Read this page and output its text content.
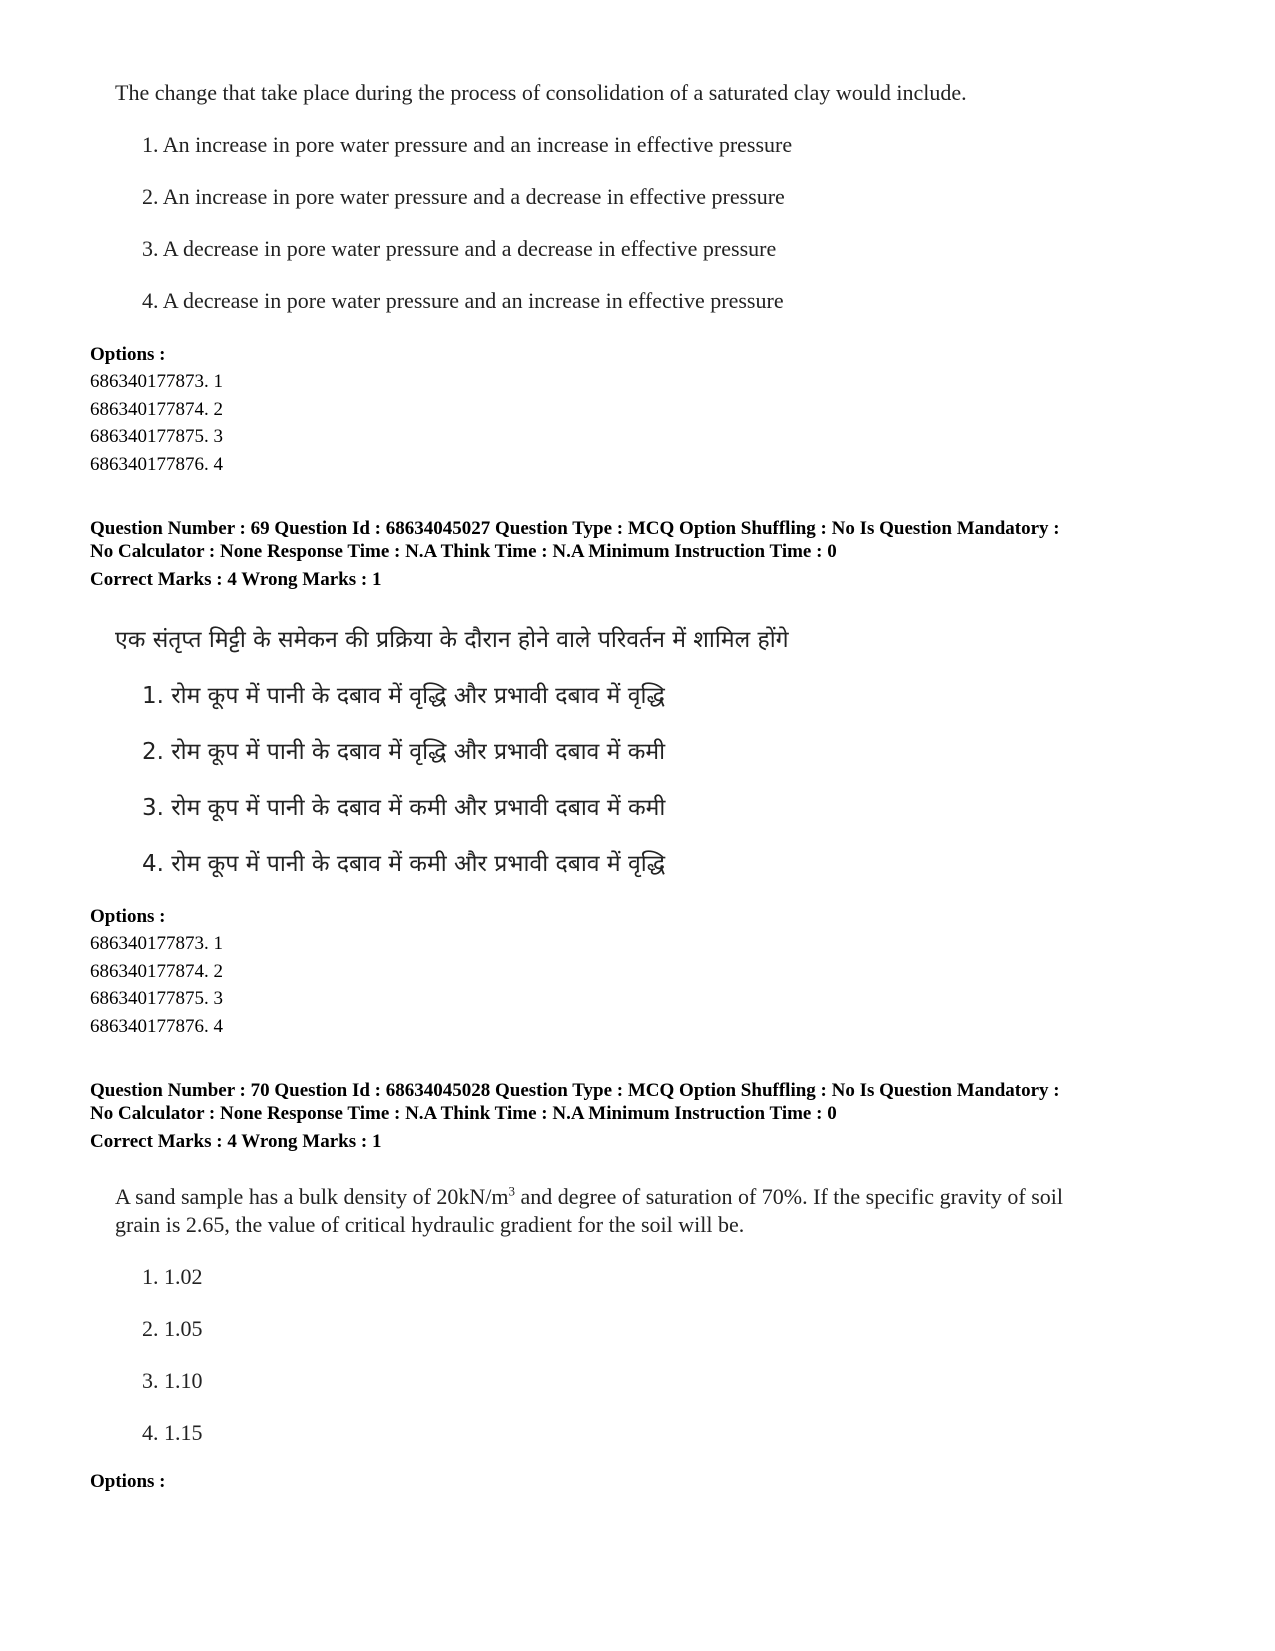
The change that take place during the process of consolidation of a saturated clay would include.
1. An increase in pore water pressure and an increase in effective pressure
2. An increase in pore water pressure and a decrease in effective pressure
3. A decrease in pore water pressure and a decrease in effective pressure
4. A decrease in pore water pressure and an increase in effective pressure
Options :
686340177873. 1
686340177874. 2
686340177875. 3
686340177876. 4
Question Number : 69 Question Id : 68634045027 Question Type : MCQ Option Shuffling : No Is Question Mandatory :
No Calculator : None Response Time : N.A Think Time : N.A Minimum Instruction Time : 0
Correct Marks : 4 Wrong Marks : 1
एक संतृप्त मिट्टी के समेकन की प्रक्रिया के दौरान होने वाले परिवर्तन में शामिल होंगे
1. रोम कूप में पानी के दबाव में वृद्धि और प्रभावी दबाव में वृद्धि
2. रोम कूप में पानी के दबाव में वृद्धि और प्रभावी दबाव में कमी
3. रोम कूप में पानी के दबाव में कमी और प्रभावी दबाव में कमी
4. रोम कूप में पानी के दबाव में कमी और प्रभावी दबाव में वृद्धि
Options :
686340177873. 1
686340177874. 2
686340177875. 3
686340177876. 4
Question Number : 70 Question Id : 68634045028 Question Type : MCQ Option Shuffling : No Is Question Mandatory :
No Calculator : None Response Time : N.A Think Time : N.A Minimum Instruction Time : 0
Correct Marks : 4 Wrong Marks : 1
A sand sample has a bulk density of $20kN/m^3$ and degree of saturation of 70%. If the specific gravity of soil
grain is 2.65, the value of critical hydraulic gradient for the soil will be.
1. 1.02
2. 1.05
3. 1.10
4. 1.15
Options :
